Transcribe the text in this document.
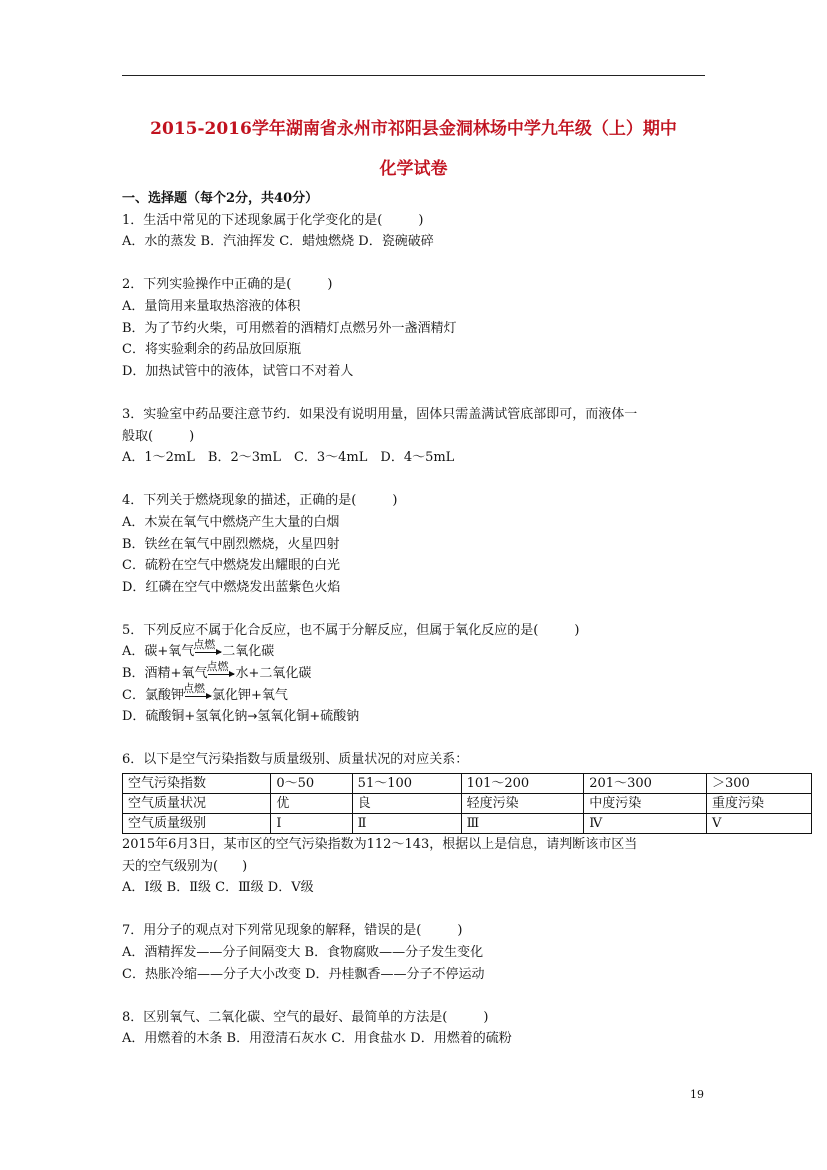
2015-2016学年湖南省永州市祁阳县金洞林场中学九年级（上）期中
化学试卷
一、选择题（每个2分，共40分）
1．生活中常见的下述现象属于化学变化的是(	)
A．水的蒸发 B．汽油挥发 C．蜡烛燃烧 D．瓷碗破碎
2．下列实验操作中正确的是(	)
A．量筒用来量取热溶液的体积
B．为了节约火柴，可用燃着的酒精灯点燃另外一盏酒精灯
C．将实验剩余的药品放回原瓶
D．加热试管中的液体，试管口不对着人
3．实验室中药品要注意节约．如果没有说明用量，固体只需盖满试管底部即可，而液体一
般取(	)
A．1～2mL　B．2～3mL　C．3～4mL　D．4～5mL
4．下列关于燃烧现象的描述，正确的是(	)
A．木炭在氧气中燃烧产生大量的白烟
B．铁丝在氧气中剧烈燃烧，火星四射
C．硫粉在空气中燃烧发出耀眼的白光
D．红磷在空气中燃烧发出蓝紫色火焰
5．下列反应不属于化合反应，也不属于分解反应，但属于氧化反应的是(	)
A．碳+氧气 点燃 二氧化碳
B．酒精+氧气 点燃 水+二氧化碳
C．氯酸钾 点燃 氯化钾+氧气
D．硫酸铜+氢氧化钠→氢氧化铜+硫酸钠
6．以下是空气污染指数与质量级别、质量状况的对应关系：
空气污染指数	0～50	51～100	101～200	201～300	＞300
空气质量状况	优	良	轻度污染	中度污染	重度污染
空气质量级别	Ⅰ	Ⅱ	Ⅲ	Ⅳ	Ⅴ
2015年6月3日，某市区的空气污染指数为112～143，根据以上是信息，请判断该市区当
天的空气级别为( )
A．Ⅰ级 B．Ⅱ级 C．Ⅲ级 D．Ⅴ级
7．用分子的观点对下列常见现象的解释，错误的是(	)
A．酒精挥发——分子间隔变大 B．食物腐败——分子发生变化
C．热胀冷缩——分子大小改变 D．丹桂飘香——分子不停运动
8．区别氧气、二氧化碳、空气的最好、最简单的方法是(	)
A．用燃着的木条 B．用澄清石灰水 C．用食盐水 D．用燃着的硫粉
19
